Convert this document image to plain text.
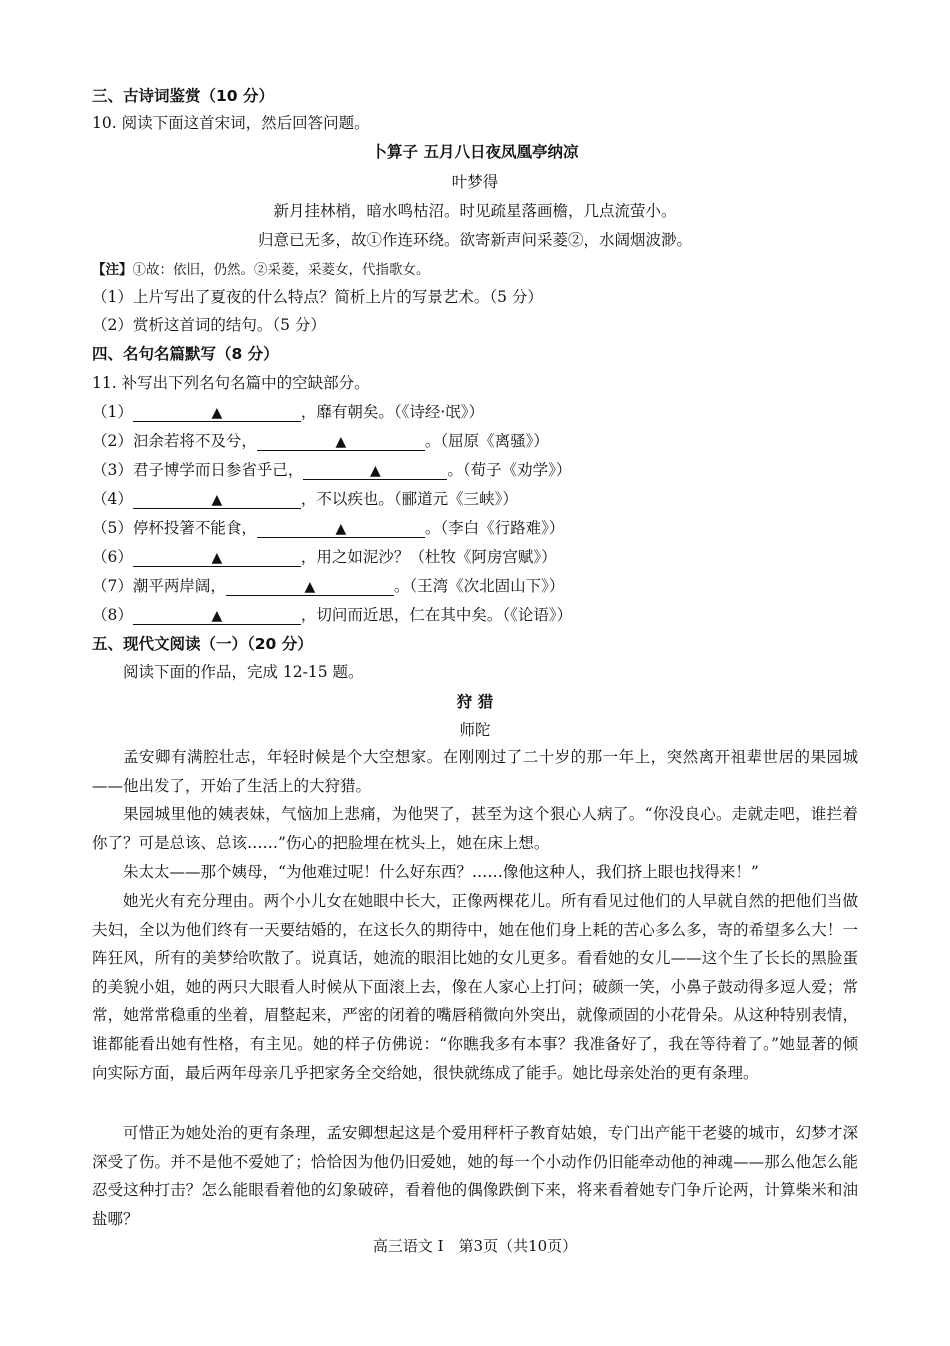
三、古诗词鉴赏（10 分）
10. 阅读下面这首宋词，然后回答问题。
卜算子 五月八日夜凤凰亭纳凉
叶梦得
新月挂林梢，暗水鸣枯沼。时见疏星落画檐，几点流萤小。
归意已无多，故①作连环绕。欲寄新声问采菱②，水阔烟波渺。
【注】①故：依旧，仍然。②采菱，采菱女，代指歌女。
（1）上片写出了夏夜的什么特点？简析上片的写景艺术。（5 分）
（2）赏析这首词的结句。（5 分）
四、名句名篇默写（8 分）
11. 补写出下列名句名篇中的空缺部分。
（1）	▲	，靡有朝矣。（《诗经·氓》）
（2）汩余若将不及兮，	▲	。（屈原《离骚》）
（3）君子博学而日参省乎己，	▲	。（荀子《劝学》）
（4）	▲	，不以疾也。（郦道元《三峡》）
（5）停杯投箸不能食，	▲	。（李白《行路难》）
（6）	▲	，用之如泥沙？（杜牧《阿房宫赋》）
（7）潮平两岸阔，	▲	。（王湾《次北固山下》）
（8）	▲	，切问而近思，仁在其中矣。（《论语》）
五、现代文阅读（一）（20 分）
阅读下面的作品，完成 12-15 题。
狩 猎
师陀
孟安卿有满腔壮志，年轻时候是个大空想家。在刚刚过了二十岁的那一年上，突然离开祖辈世居的果园城——他出发了，开始了生活上的大狩猎。
果园城里他的姨表妹，气恼加上悲痛，为他哭了，甚至为这个狠心人病了。“你没良心。走就走吧，谁拦着你了？可是总该、总该……”伤心的把脸埋在枕头上，她在床上想。
朱太太——那个姨母，“为他难过呢！什么好东西？……像他这种人，我们挤上眼也找得来！”
她光火有充分理由。两个小儿女在她眼中长大，正像两棵花儿。所有看见过他们的人早就自然的把他们当做夫妇，全以为他们终有一天要结婚的，在这长久的期待中，她在他们身上耗的苦心多么多，寄的希望多么大！一阵狂风，所有的美梦给吹散了。说真话，她流的眼泪比她的女儿更多。看看她的女儿——这个生了长长的黑脸蛋的美貌小姐，她的两只大眼看人时候从下面滚上去，像在人家心上打问；破颜一笑，小鼻子鼓动得多逗人爱；常常，她常常稳重的坐着，眉整起来，严密的闭着的嘴唇稍微向外突出，就像顽固的小花骨朵。从这种特别表情，谁都能看出她有性格，有主见。她的样子仿佛说：“你瞧我多有本事？我准备好了，我在等待着了。”她显著的倾向实际方面，最后两年母亲几乎把家务全交给她，很快就练成了能手。她比母亲处治的更有条理。
可惜正为她处治的更有条理，孟安卿想起这是个爱用秤杆子教育姑娘，专门出产能干老婆的城市，幻梦才深深受了伤。并不是他不爱她了；恰恰因为他仍旧爱她，她的每一个小动作仍旧能牵动他的神魂——那么他怎么能忍受这种打击？怎么能眼看着他的幻象破碎，看着他的偶像跌倒下来，将来看着她专门争斤论两，计算柴米和油盐哪？
高三语文 I　第3页（共10页）
